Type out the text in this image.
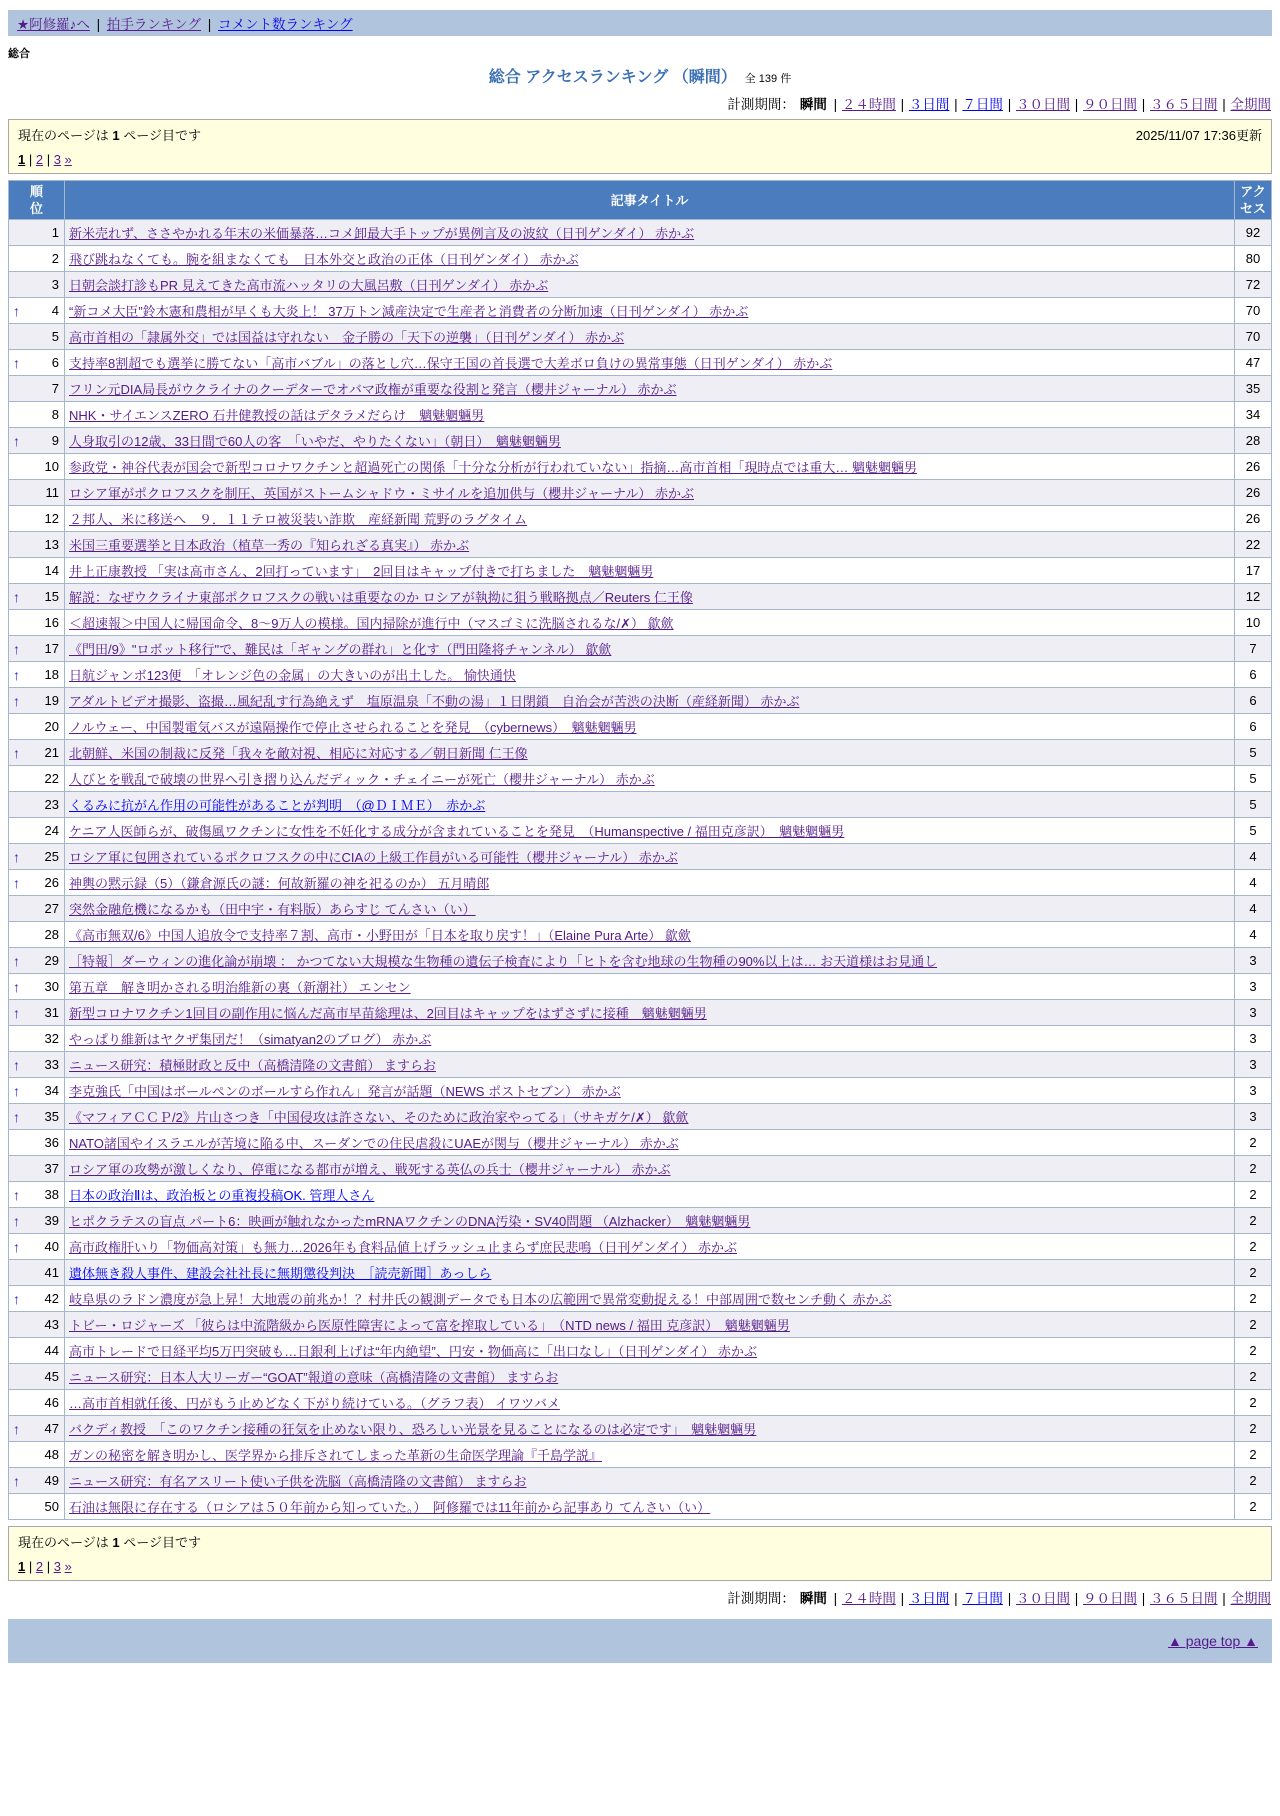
★阿修羅♪へ | 拍手ランキング | コメント数ランキング
総合
総合 アクセスランキング （瞬間） 全 139 件
計測期間： 瞬間 | ２４時間 | ３日間 | ７日間 | ３０日間 | ９０日間 | ３６５日間 | 全期間
現在のページは 1 ページ目です	2025/11/07 17:36更新
1 | 2 | 3 »
順
位	記事タイトル	アク
セス
1	新米売れず、ささやかれる年末の米価暴落…コメ卸最大手トップが異例言及の波紋（日刊ゲンダイ） 赤かぶ	92
2	飛び跳ねなくても。腕を組まなくても　日本外交と政治の正体（日刊ゲンダイ） 赤かぶ	80
3	日朝会談打診もPR 見えてきた高市流ハッタリの大風呂敷（日刊ゲンダイ） 赤かぶ	72

↑ 4	“新コメ大臣”鈴木憲和農相が早くも大炎上！ 37万トン減産決定で生産者と消費者の分断加速（日刊ゲンダイ） 赤かぶ	70
5	高市首相の「隷属外交」では国益は守れない　金子勝の「天下の逆襲」（日刊ゲンダイ） 赤かぶ	70

↑ 6	支持率8割超でも選挙に勝てない「高市バブル」の落とし穴…保守王国の首長選で大差ボロ負けの異常事態（日刊ゲンダイ） 赤かぶ	47
7	フリン元DIA局長がウクライナのクーデターでオバマ政権が重要な役割と発言（櫻井ジャーナル） 赤かぶ	35
8	NHK・サイエンスZERO 石井健教授の話はデタラメだらけ　魑魅魍魎男	34

↑ 9	人身取引の12歳、33日間で60人の客　「いやだ、やりたくない」（朝日）　魑魅魍魎男	28
10	参政党・神谷代表が国会で新型コロナワクチンと超過死亡の関係「十分な分析が行われていない」指摘…高市首相「現時点では重大… 魑魅魍魎男	26
11	ロシア軍がポクロフスクを制圧、英国がストームシャドウ・ミサイルを追加供与（櫻井ジャーナル） 赤かぶ	26
12	２邦人、米に移送へ　９．１１テロ被災装い詐欺　産経新聞 荒野のラグタイム	26
13	米国三重要選挙と日本政治（植草一秀の『知られざる真実』） 赤かぶ	22
14	井上正康教授 「実は高市さん、2回打っています」　2回目はキャップ付きで打ちました　魑魅魍魎男	17

↑ 15	解説：なぜウクライナ東部ポクロフスクの戦いは重要なのか ロシアが執拗に狙う戦略拠点／Reuters 仁王像	12
16	＜超速報＞中国人に帰国命令、8〜9万人の模様。国内掃除が進行中（マスゴミに洗脳されるな/✗） 歙歛	10

↑ 17	《門田/9》"ロボット移行"で、難民は「ギャングの群れ」と化す（門田隆将チャンネル） 歙歛	7

↑ 18	日航ジャンボ123便　「オレンジ色の金属」の大きいのが出土した。 愉快通快	6

↑ 19	アダルトビデオ撮影、盗撮…風紀乱す行為絶えず　塩原温泉「不動の湯」１日閉鎖　自治会が苦渋の決断（産経新聞） 赤かぶ	6
20	ノルウェー、中国製電気バスが遠隔操作で停止させられることを発見　（cybernews）　魑魅魍魎男	6

↑ 21	北朝鮮、米国の制裁に反発「我々を敵対視、相応に対応する／朝日新聞 仁王像	5
22	人びとを戦乱で破壊の世界へ引き摺り込んだディック・チェイニーが死亡（櫻井ジャーナル） 赤かぶ	5
23	くるみに抗がん作用の可能性があることが判明　（@ＤＩＭＥ）　赤かぶ	5
24	ケニア人医師らが、破傷風ワクチンに女性を不妊化する成分が含まれていることを発見　（Humanspective / 福田克彦訳）　魑魅魍魎男	5

↑ 25	ロシア軍に包囲されているポクロフスクの中にCIAの上級工作員がいる可能性（櫻井ジャーナル） 赤かぶ	4

↑ 26	神輿の黙示録（5）（鎌倉源氏の謎：何故新羅の神を祀るのか） 五月晴郎	4
27	突然金融危機になるかも（田中宇・有料版）あらすじ てんさい（い）	4
28	《高市無双/6》中国人追放令で支持率７割、高市・小野田が「日本を取り戻す！」（Elaine Pura Arte） 歙歛	4

↑ 29	［特報］ダーウィンの進化論が崩壊 ： かつてない大規模な生物種の遺伝子検査により「ヒトを含む地球の生物種の90%以上は… お天道様はお見通し	3

↑ 30	第五章　解き明かされる明治維新の裏（新潮社） エンセン	3

↑ 31	新型コロナワクチン1回目の副作用に悩んだ高市早苗総理は、2回目はキャップをはずさずに接種　魑魅魍魎男	3
32	やっぱり維新はヤクザ集団だ！（simatyan2のブログ） 赤かぶ	3

↑ 33	ニュース研究：積極財政と反中（高橋清隆の文書館） ますらお	3

↑ 34	李克強氏「中国はボールペンのボールすら作れん」発言が話題（NEWS ポストセブン） 赤かぶ	3

↑ 35	《マフィアＣＣＰ/2》片山さつき「中国侵攻は許さない、そのために政治家やってる」（サキガケ/✗） 歙歛	3
36	NATO諸国やイスラエルが苦境に陥る中、スーダンでの住民虐殺にUAEが関与（櫻井ジャーナル） 赤かぶ	2
37	ロシア軍の攻勢が激しくなり、停電になる都市が増え、戦死する英仏の兵士（櫻井ジャーナル） 赤かぶ	2

↑ 38	日本の政治Ⅱは、政治板との重複投稿OK. 管理人さん	2

↑ 39	ヒポクラテスの盲点 パート6：映画が触れなかったmRNAワクチンのDNA汚染・SV40問題 （Alzhacker）　魑魅魍魎男	2

↑ 40	高市政権肝いり「物価高対策」も無力…2026年も食料品値上げラッシュ止まらず庶民悲鳴（日刊ゲンダイ） 赤かぶ	2
41	遺体無き殺人事件、建設会社社長に無期懲役判決　［読売新聞］あっしら	2

↑ 42	岐阜県のラドン濃度が急上昇！大地震の前兆か！？村井氏の観測データでも日本の広範囲で異常変動捉える！中部周囲で数センチ動く 赤かぶ	2
43	トビー・ロジャーズ 「彼らは中流階級から医原性障害によって富を搾取している」　（NTD news / 福田 克彦訳）　魑魅魍魎男	2
44	高市トレードで日経平均5万円突破も…日銀利上げは“年内絶望”、円安・物価高に「出口なし」（日刊ゲンダイ） 赤かぶ	2
45	ニュース研究：日本人大リーガー“GOAT”報道の意味（高橋清隆の文書館） ますらお	2
46	…高市首相就任後、円がもう止めどなく下がり続けている。（グラフ表） イワツバメ	2

↑ 47	バクディ教授　「このワクチン接種の狂気を止めない限り、恐ろしい光景を見ることになるのは必定です」　魑魅魍魎男	2
48	ガンの秘密を解き明かし、医学界から排斥されてしまった革新の生命医学理論『千島学説』	2

↑ 49	ニュース研究：有名アスリート使い子供を洗脳（高橋清隆の文書館） ますらお	2
50	石油は無限に存在する（ロシアは５０年前から知っていた。）　阿修羅では11年前から記事あり てんさい（い）	2
現在のページは 1 ページ目です
1 | 2 | 3 »
計測期間： 瞬間 | ２４時間 | ３日間 | ７日間 | ３０日間 | ９０日間 | ３６５日間 | 全期間
▲ page top ▲
